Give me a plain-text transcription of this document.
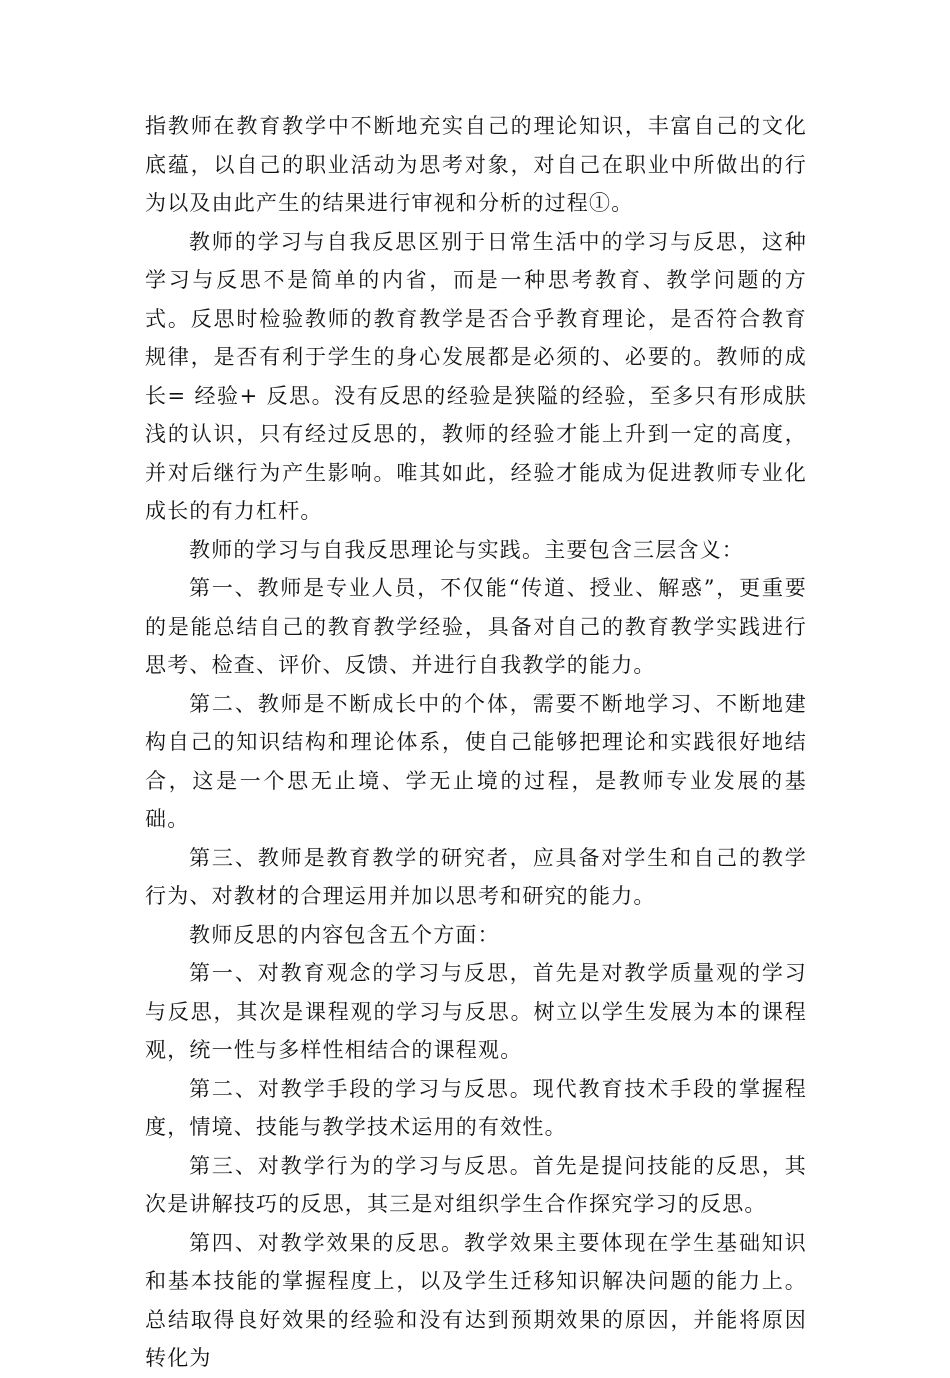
指教师在教育教学中不断地充实自己的理论知识，丰富自己的文化底蕴，以自己的职业活动为思考对象，对自己在职业中所做出的行为以及由此产生的结果进行审视和分析的过程①。

教师的学习与自我反思区别于日常生活中的学习与反思，这种学习与反思不是简单的内省，而是一种思考教育、教学问题的方式。反思时检验教师的教育教学是否合乎教育理论，是否符合教育规律，是否有利于学生的身心发展都是必须的、必要的。教师的成长= 经验+ 反思。没有反思的经验是狭隘的经验，至多只有形成肤浅的认识，只有经过反思的，教师的经验才能上升到一定的高度，并对后继行为产生影响。唯其如此，经验才能成为促进教师专业化成长的有力杠杆。

教师的学习与自我反思理论与实践。主要包含三层含义：

第一、教师是专业人员，不仅能“传道、授业、解惑”，更重要的是能总结自己的教育教学经验，具备对自己的教育教学实践进行思考、检查、评价、反馈、并进行自我教学的能力。

第二、教师是不断成长中的个体，需要不断地学习、不断地建构自己的知识结构和理论体系，使自己能够把理论和实践很好地结合，这是一个思无止境、学无止境的过程，是教师专业发展的基础。

第三、教师是教育教学的研究者，应具备对学生和自己的教学行为、对教材的合理运用并加以思考和研究的能力。

教师反思的内容包含五个方面：

第一、对教育观念的学习与反思，首先是对教学质量观的学习与反思，其次是课程观的学习与反思。树立以学生发展为本的课程观，统一性与多样性相结合的课程观。

第二、对教学手段的学习与反思。现代教育技术手段的掌握程度，情境、技能与教学技术运用的有效性。

第三、对教学行为的学习与反思。首先是提问技能的反思，其次是讲解技巧的反思，其三是对组织学生合作探究学习的反思。

第四、对教学效果的反思。教学效果主要体现在学生基础知识和基本技能的掌握程度上，以及学生迁移知识解决问题的能力上。总结取得良好效果的经验和没有达到预期效果的原因，并能将原因转化为
